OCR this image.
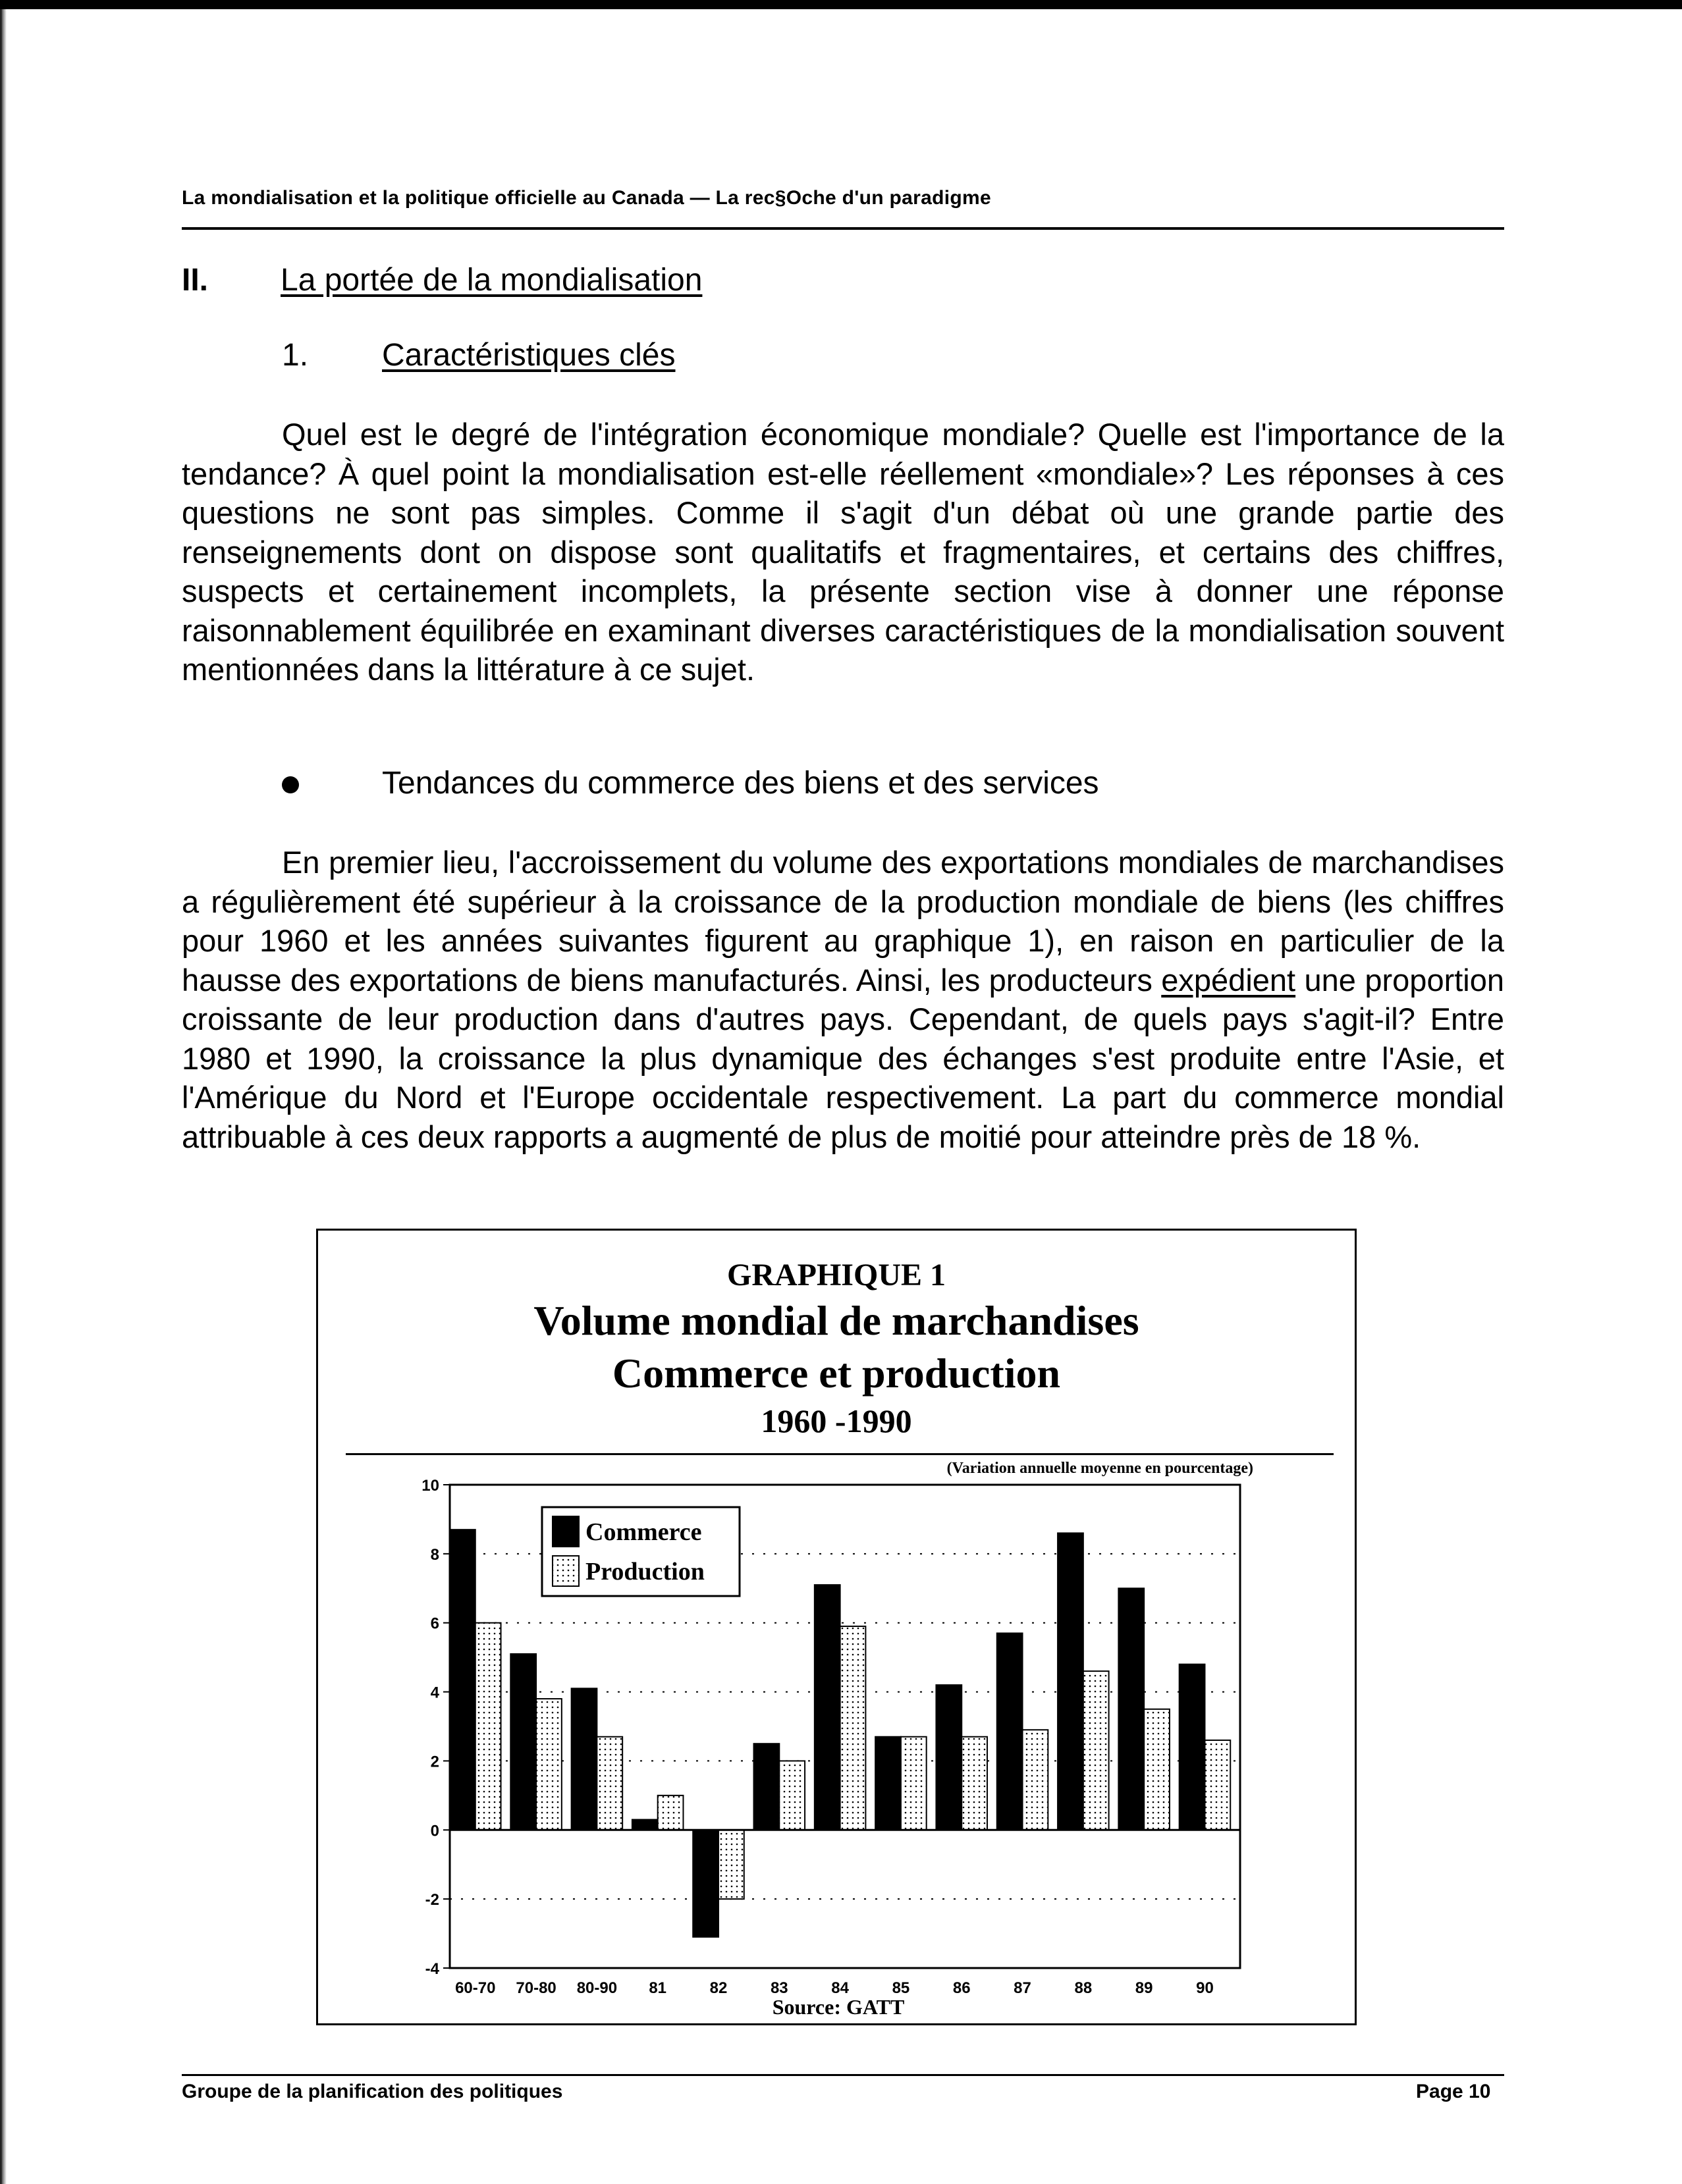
La mondialisation et la politique officielle au Canada — La rec§Oche d'un paradigme
II. La portée de la mondialisation
1. Caractéristiques clés

Quel est le degré de l'intégration économique mondiale? Quelle est l'importance de la tendance? À quel point la mondialisation est-elle réellement «mondiale»? Les réponses à ces questions ne sont pas simples. Comme il s'agit d'un débat où une grande partie des renseignements dont on dispose sont qualitatifs et fragmentaires, et certains des chiffres, suspects et certainement incomplets, la présente section vise à donner une réponse raisonnablement équilibrée en examinant diverses caractéristiques de la mondialisation souvent mentionnées dans la littérature à ce sujet.

Tendances du commerce des biens et des services

En premier lieu, l'accroissement du volume des exportations mondiales de marchandises a régulièrement été supérieur à la croissance de la production mondiale de biens (les chiffres pour 1960 et les années suivantes figurent au graphique 1), en raison en particulier de la hausse des exportations de biens manufacturés. Ainsi, les producteurs expédient une proportion croissante de leur production dans d'autres pays. Cependant, de quels pays s'agit-il? Entre 1980 et 1990, la croissance la plus dynamique des échanges s'est produite entre l'Asie, et l'Amérique du Nord et l'Europe occidentale respectivement. La part du commerce mondial attribuable à ces deux rapports a augmenté de plus de moitié pour atteindre près de 18 %.

GRAPHIQUE 1
Volume mondial de marchandises
Commerce et production
1960 -1990
(Variation annuelle moyenne en pourcentage)
Source: GATT
-4
-2
0
2
4
6
8
10
60-70 70-80 80-90 81	82	83	84	85	86	87	88	89	90
Commerce
Production
Groupe de la planification des politiques	Page 10
